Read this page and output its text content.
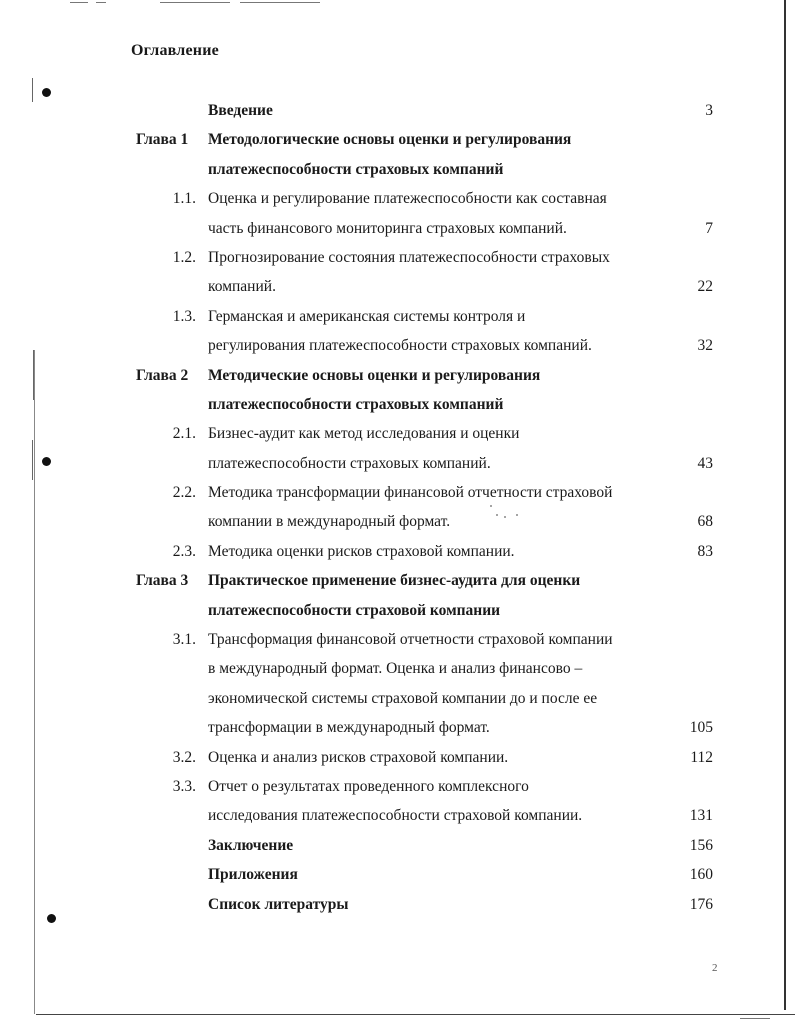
Оглавление
Введение	3
Глава 1 Методологические основы оценки и регулирования
платежеспособности страховых компаний
1.1. Оценка и регулирование платежеспособности как составная
часть финансового мониторинга страховых компаний.	7
1.2. Прогнозирование состояния платежеспособности страховых
компаний.	22
1.3. Германская и американская системы контроля и
регулирования платежеспособности страховых компаний.	32
Глава 2 Методические основы оценки и регулирования
платежеспособности страховых компаний
2.1. Бизнес-аудит как метод исследования и оценки
платежеспособности страховых компаний.	43
2.2. Методика трансформации финансовой отчетности страховой
компании в международный формат.	68
2.3. Методика оценки рисков страховой компании.	83
Глава 3 Практическое применение бизнес-аудита для оценки
платежеспособности страховой компании
3.1. Трансформация финансовой отчетности страховой компании
в международный формат. Оценка и анализ финансово –
экономической системы страховой компании до и после ее
трансформации в международный формат.	105
3.2. Оценка и анализ рисков страховой компании.	112
3.3. Отчет о результатах проведенного комплексного
исследования платежеспособности страховой компании.	131
Заключение	156
Приложения	160
Список литературы	176
2
